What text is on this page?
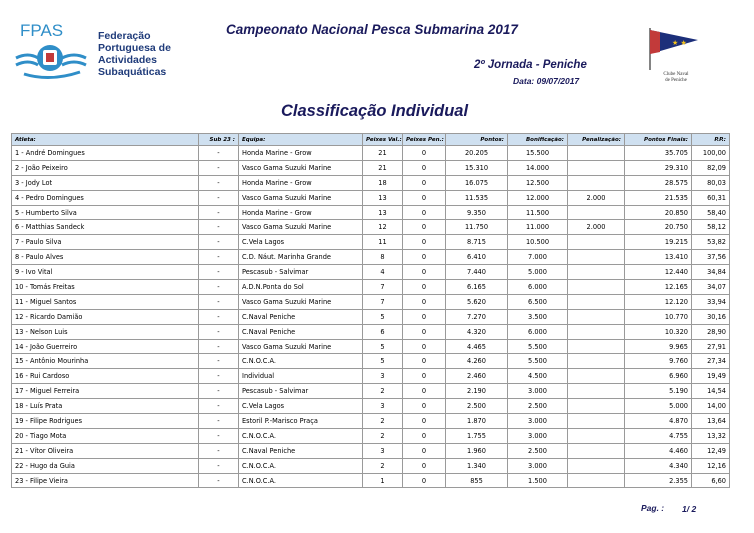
FPAS	Federação
Portuguesa de
Actividades
Subaquáticas
Campeonato Nacional Pesca Submarina 2017
2º Jornada - Peniche
Data: 09/07/2017
★ ★
Clube Naval
de Peniche
Classificação Individual
Atleta:	Sub 23 :	Equipa:	Peixes Val.:	Peixes Pen.:	Pontos:	Bonificação:	Penalização:	Pontos Finais:	P.P.:
1 - André Domingues	-	Honda Marine - Grow	21	0	20.205	15.500		35.705	100,00
2 - João Peixeiro	-	Vasco Gama Suzuki Marine	21	0	15.310	14.000		29.310	82,09
3 - Jody Lot	-	Honda Marine - Grow	18	0	16.075	12.500		28.575	80,03
4 - Pedro Domingues	-	Vasco Gama Suzuki Marine	13	0	11.535	12.000	2.000	21.535	60,31
5 - Humberto Silva	-	Honda Marine - Grow	13	0	9.350	11.500		20.850	58,40
6 - Matthias Sandeck	-	Vasco Gama Suzuki Marine	12	0	11.750	11.000	2.000	20.750	58,12
7 - Paulo Silva	-	C.Vela Lagos	11	0	8.715	10.500		19.215	53,82
8 - Paulo Alves	-	C.D. Náut. Marinha Grande	8	0	6.410	7.000		13.410	37,56
9 - Ivo Vital	-	Pescasub - Salvimar	4	0	7.440	5.000		12.440	34,84
10 - Tomás Freitas	-	A.D.N.Ponta do Sol	7	0	6.165	6.000		12.165	34,07
11 - Miguel Santos	-	Vasco Gama Suzuki Marine	7	0	5.620	6.500		12.120	33,94
12 - Ricardo Damião	-	C.Naval Peniche	5	0	7.270	3.500		10.770	30,16
13 - Nelson Luis	-	C.Naval Peniche	6	0	4.320	6.000		10.320	28,90
14 - João Guerreiro	-	Vasco Gama Suzuki Marine	5	0	4.465	5.500		9.965	27,91
15 - Antônio Mourinha	-	C.N.O.C.A.	5	0	4.260	5.500		9.760	27,34
16 - Rui Cardoso	-	Individual	3	0	2.460	4.500		6.960	19,49
17 - Miguel Ferreira	-	Pescasub - Salvimar	2	0	2.190	3.000		5.190	14,54
18 - Luís Prata	-	C.Vela Lagos	3	0	2.500	2.500		5.000	14,00
19 - Filipe Rodrigues	-	Estoril P.-Marisco Praça	2	0	1.870	3.000		4.870	13,64
20 - Tiago Mota	-	C.N.O.C.A.	2	0	1.755	3.000		4.755	13,32
21 - Vítor Oliveira	-	C.Naval Peniche	3	0	1.960	2.500		4.460	12,49
22 - Hugo da Guia	-	C.N.O.C.A.	2	0	1.340	3.000		4.340	12,16
23 - Filipe Vieira	-	C.N.O.C.A.	1	0	855	1.500		2.355	6,60
Pag. : 1/ 2
